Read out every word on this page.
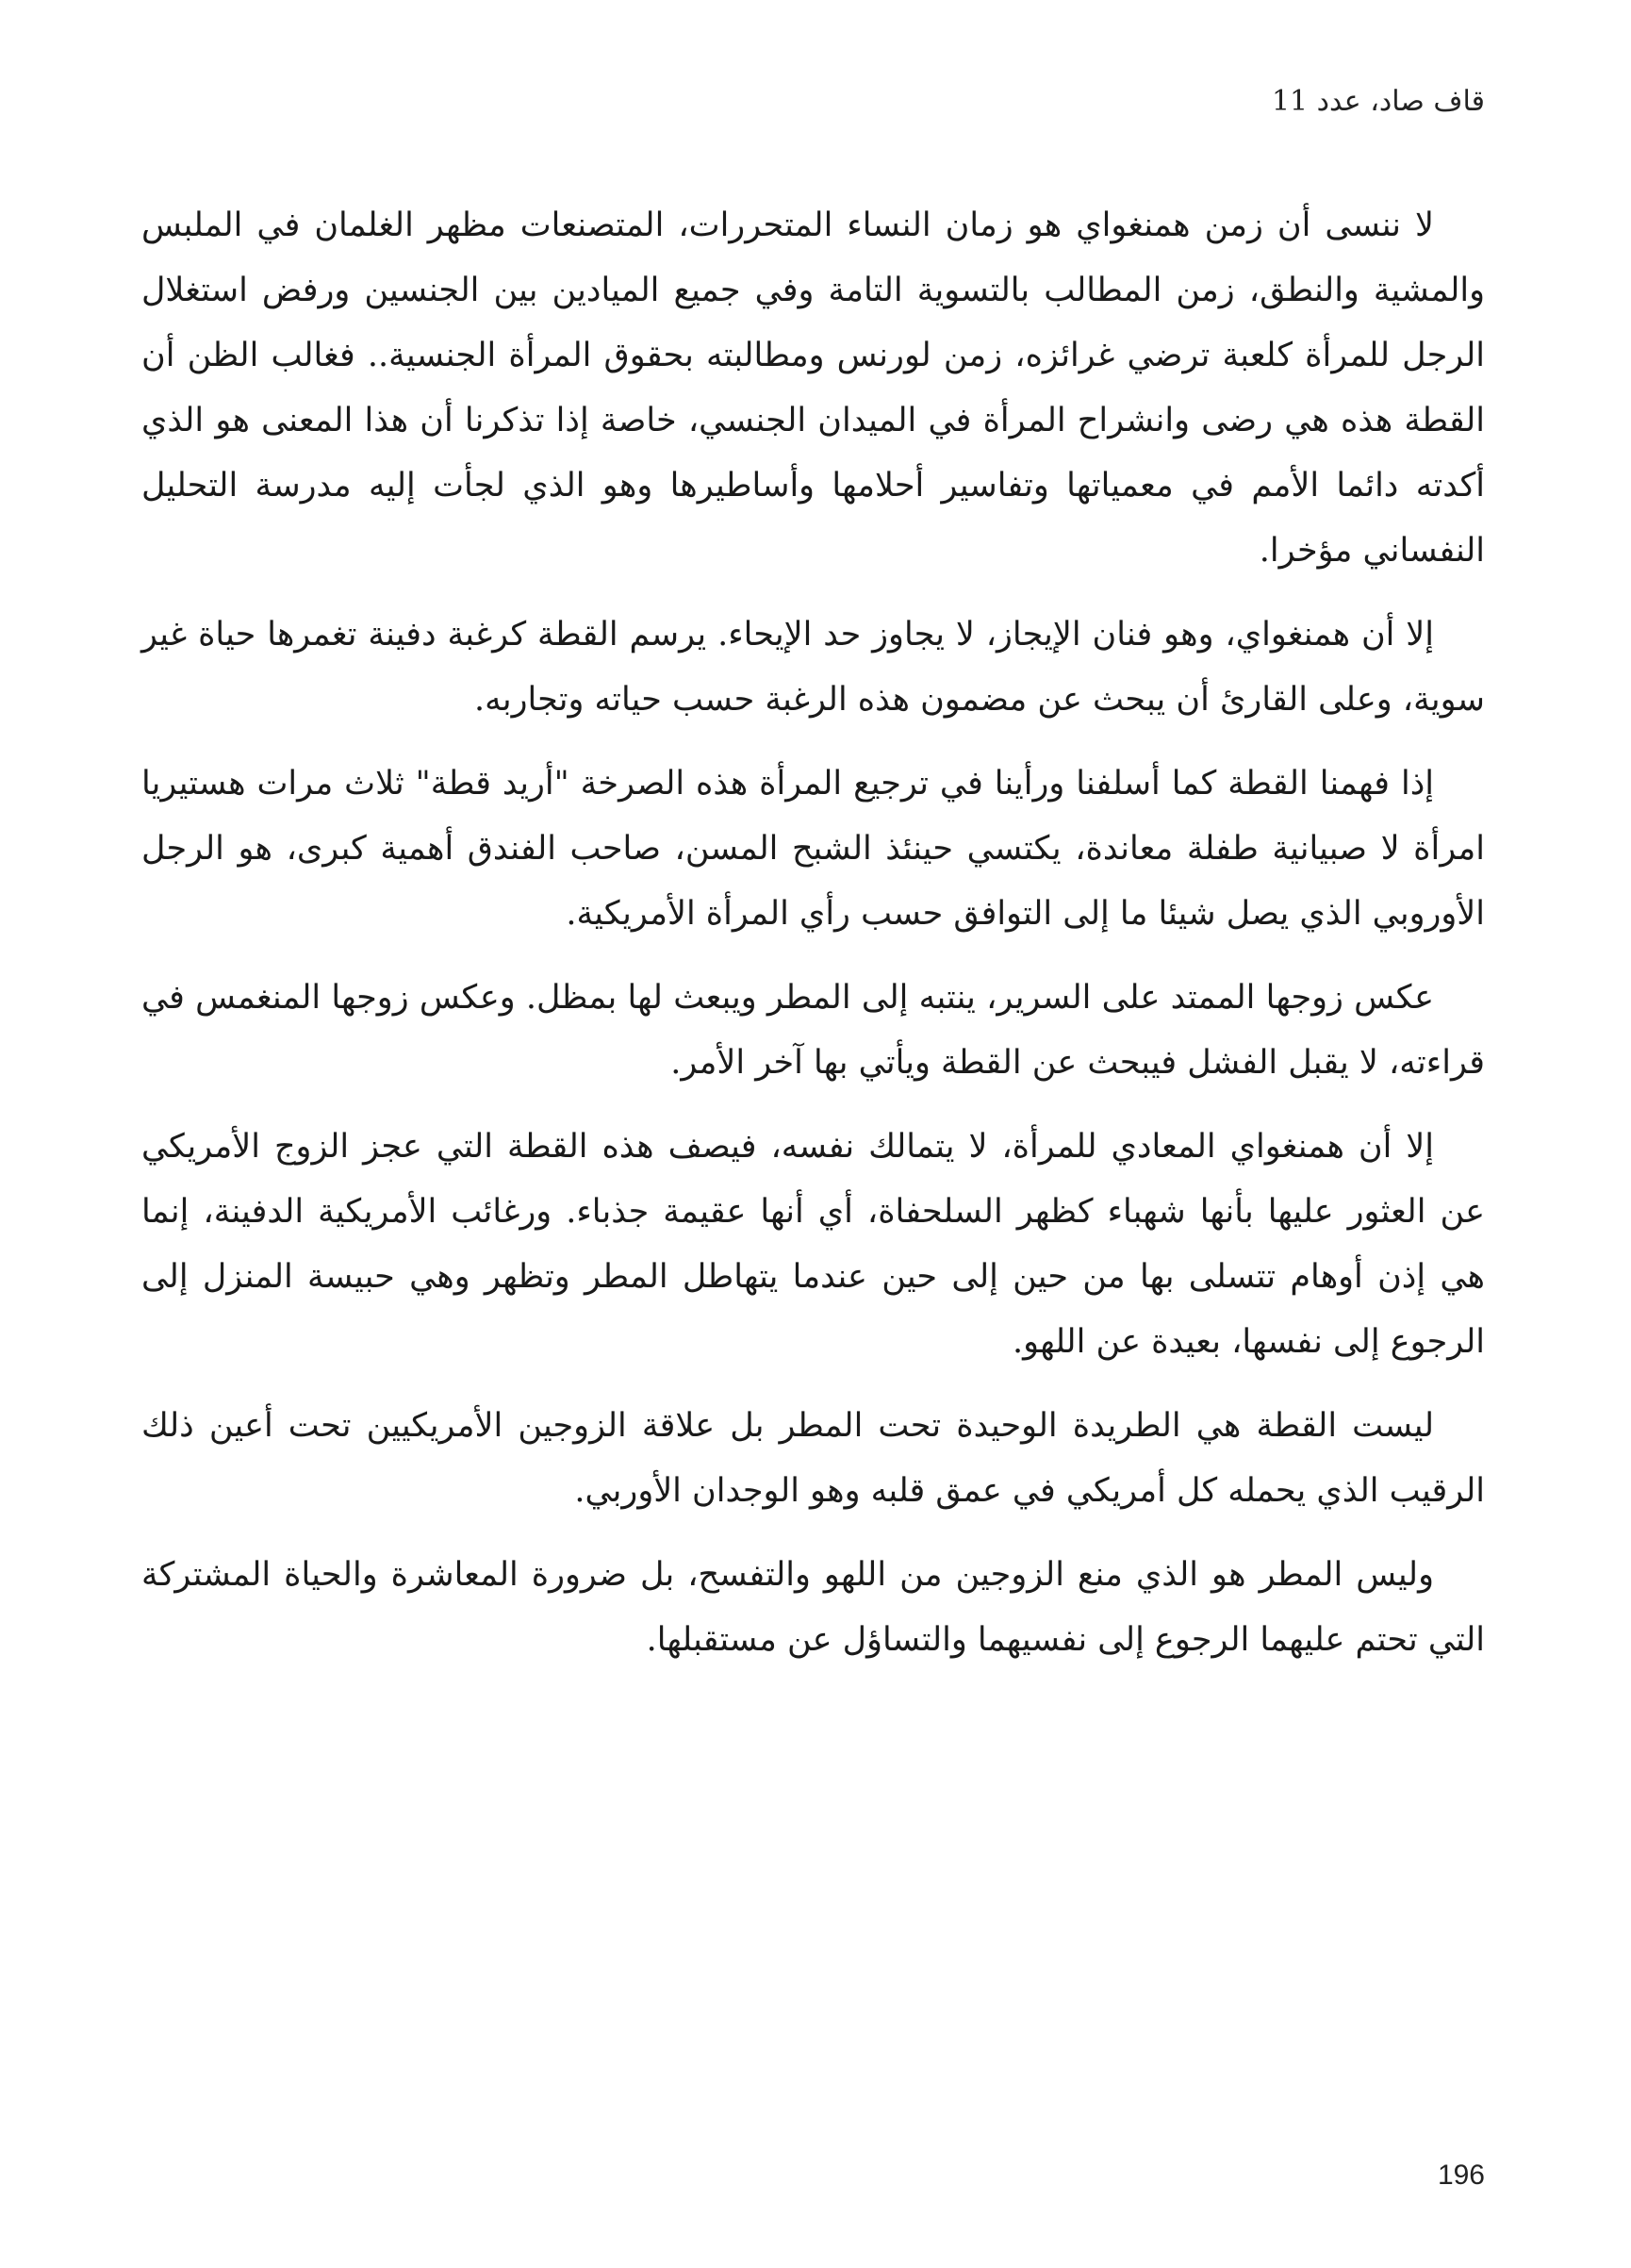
قاف صاد، عدد 11

لا ننسى أن زمن همنغواي هو زمان النساء المتحررات، المتصنعات مظهر الغلمان في الملبس والمشية والنطق، زمن المطالب بالتسوية التامة وفي جميع الميادين بين الجنسين ورفض استغلال الرجل للمرأة كلعبة ترضي غرائزه، زمن لورنس ومطالبته بحقوق المرأة الجنسية.. فغالب الظن أن القطة هذه هي رضى وانشراح المرأة في الميدان الجنسي، خاصة إذا تذكرنا أن هذا المعنى هو الذي أكدته دائما الأمم في معمياتها وتفاسير أحلامها وأساطيرها وهو الذي لجأت إليه مدرسة التحليل النفساني مؤخرا.

إلا أن همنغواي، وهو فنان الإيجاز، لا يجاوز حد الإيحاء. يرسم القطة كرغبة دفينة تغمرها حياة غير سوية، وعلى القارئ أن يبحث عن مضمون هذه الرغبة حسب حياته وتجاربه.

إذا فهمنا القطة كما أسلفنا ورأينا في ترجيع المرأة هذه الصرخة "أريد قطة" ثلاث مرات هستيريا امرأة لا صبيانية طفلة معاندة، يكتسي حينئذ الشبح المسن، صاحب الفندق أهمية كبرى، هو الرجل الأوروبي الذي يصل شيئا ما إلى التوافق حسب رأي المرأة الأمريكية.

عكس زوجها الممتد على السرير، ينتبه إلى المطر ويبعث لها بمظل. وعكس زوجها المنغمس في قراءته، لا يقبل الفشل فيبحث عن القطة ويأتي بها آخر الأمر.

إلا أن همنغواي المعادي للمرأة، لا يتمالك نفسه، فيصف هذه القطة التي عجز الزوج الأمريكي عن العثور عليها بأنها شهباء كظهر السلحفاة، أي أنها عقيمة جذباء. ورغائب الأمريكية الدفينة، إنما هي إذن أوهام تتسلى بها من حين إلى حين عندما يتهاطل المطر وتظهر وهي حبيسة المنزل إلى الرجوع إلى نفسها، بعيدة عن اللهو.

ليست القطة هي الطريدة الوحيدة تحت المطر بل علاقة الزوجين الأمريكيين تحت أعين ذلك الرقيب الذي يحمله كل أمريكي في عمق قلبه وهو الوجدان الأوربي.

وليس المطر هو الذي منع الزوجين من اللهو والتفسح، بل ضرورة المعاشرة والحياة المشتركة التي تحتم عليهما الرجوع إلى نفسيهما والتساؤل عن مستقبلها.

196
